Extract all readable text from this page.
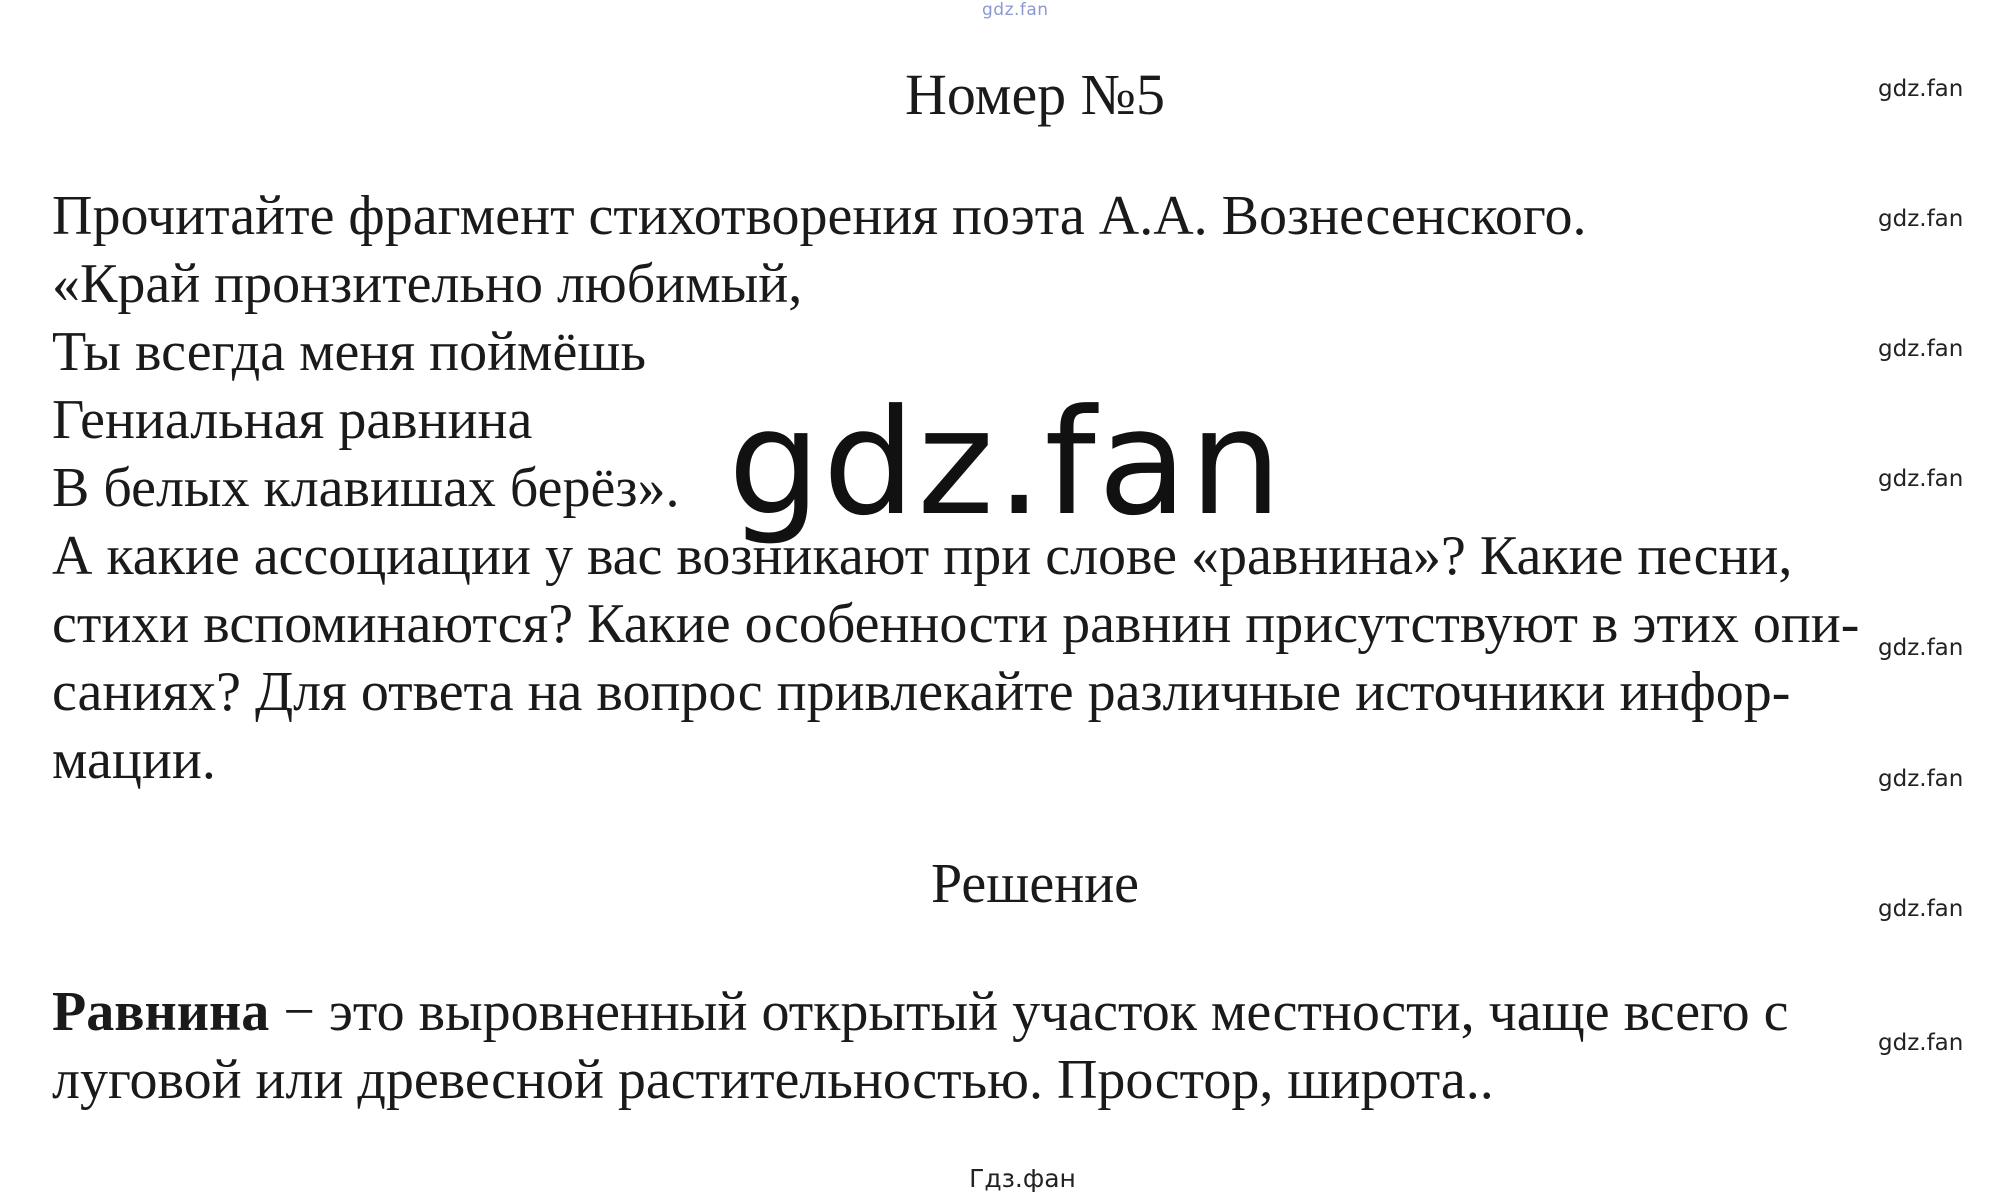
gdz.fan
Номер №5
Прочитайте фрагмент стихотворения поэта А.А. Вознесенского.
«Край пронзительно любимый,
Ты всегда меня поймёшь
Гениальная равнина
В белых клавишах берёз».
А какие ассоциации у вас возникают при слове «равнина»? Какие песни,
стихи вспоминаются? Какие особенности равнин присутствуют в этих опи-
саниях? Для ответа на вопрос привлекайте различные источники инфор-
мации.
Решение
Равнина − это выровненный открытый участок местности, чаще всего с
луговой или древесной растительностью. Простор, широта..
gdz.fan
gdz.fan
gdz.fan
gdz.fan
gdz.fan
gdz.fan
gdz.fan
gdz.fan
gdz.fan
Гдз.фан
